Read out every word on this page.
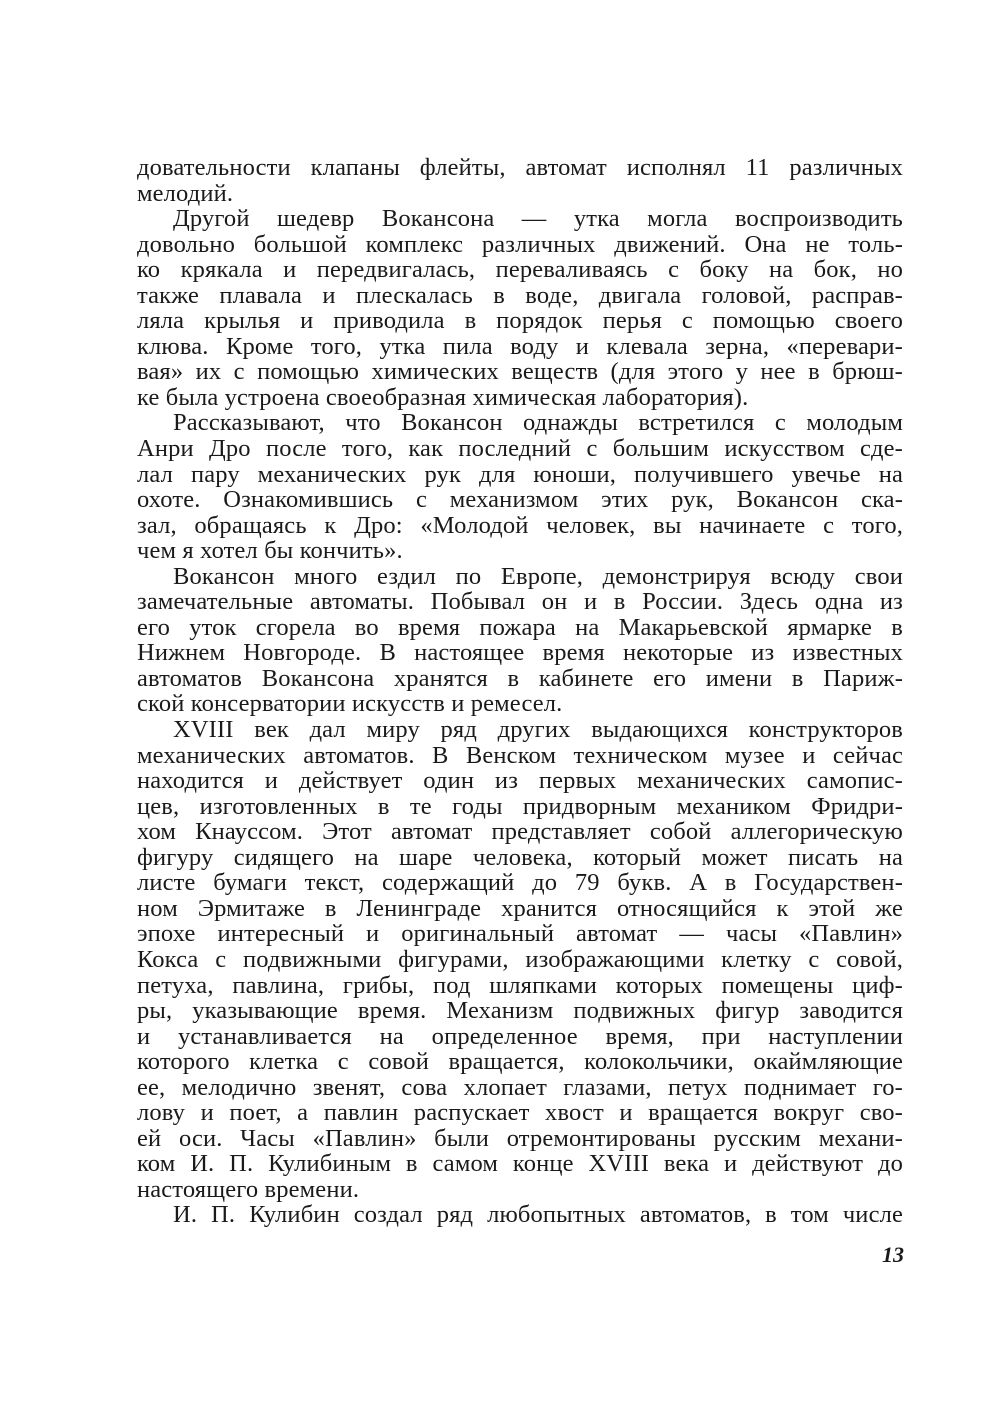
довательности клапаны флейты, автомат исполнял 11 различных
мелодий.
Другой шедевр Вокансона — утка могла воспроизводить
довольно большой комплекс различных движений. Она не толь-
ко крякала и передвигалась, переваливаясь с боку на бок, но
также плавала и плескалась в воде, двигала головой, расправ-
ляла крылья и приводила в порядок перья с помощью своего
клюва. Кроме того, утка пила воду и клевала зерна, «перевари-
вая» их с помощью химических веществ (для этого у нее в брюш-
ке была устроена своеобразная химическая лаборатория).
Рассказывают, что Вокансон однажды встретился с молодым
Анри Дро после того, как последний с большим искусством сде-
лал пару механических рук для юноши, получившего увечье на
охоте. Ознакомившись с механизмом этих рук, Вокансон ска-
зал, обращаясь к Дро: «Молодой человек, вы начинаете с того,
чем я хотел бы кончить».
Вокансон много ездил по Европе, демонстрируя всюду свои
замечательные автоматы. Побывал он и в России. Здесь одна из
его уток сгорела во время пожара на Макарьевской ярмарке в
Нижнем Новгороде. В настоящее время некоторые из известных
автоматов Вокансона хранятся в кабинете его имени в Париж-
ской консерватории искусств и ремесел.
XVIII век дал миру ряд других выдающихся конструкторов
механических автоматов. В Венском техническом музее и сейчас
находится и действует один из первых механических самопис-
цев, изготовленных в те годы придворным механиком Фридри-
хом Кнауссом. Этот автомат представляет собой аллегорическую
фигуру сидящего на шаре человека, который может писать на
листе бумаги текст, содержащий до 79 букв. А в Государствен-
ном Эрмитаже в Ленинграде хранится относящийся к этой же
эпохе интересный и оригинальный автомат — часы «Павлин»
Кокса с подвижными фигурами, изображающими клетку с совой,
петуха, павлина, грибы, под шляпками которых помещены циф-
ры, указывающие время. Механизм подвижных фигур заводится
и устанавливается на определенное время, при наступлении
которого клетка с совой вращается, колокольчики, окаймляющие
ее, мелодично звенят, сова хлопает глазами, петух поднимает го-
лову и поет, а павлин распускает хвост и вращается вокруг сво-
ей оси. Часы «Павлин» были отремонтированы русским механи-
ком И. П. Кулибиным в самом конце XVIII века и действуют до
настоящего времени.
И. П. Кулибин создал ряд любопытных автоматов, в том числе
13
